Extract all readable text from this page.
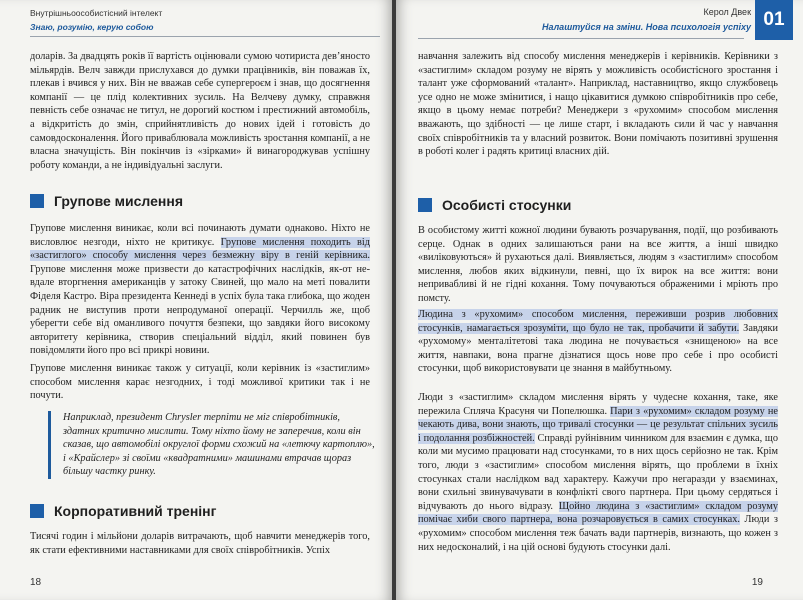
Внутрішньоособистісний інтелект
Знаю, розумію, керую собою

доларів. За двадцять років її вартість оцінювали сумою чотириста дев’яносто мільярдів. Велч завжди прислухався до думки працівників, він поважав їх, плекав і вчився у них. Він не вважав себе супергероєм і знав, що досягнення компанії — це плід колективних зусиль. На Велчеву думку, справжня певність себе означає не титул, не дорогий костюм і престижний автомобіль, а відкритість до змін, сприйнятливість до нових ідей і готовість до самовдосконалення. Його приваблювала можливість зростання компанії, а не власна значущість. Він покінчив із «зірками» й винагороджував успішну роботу команди, а не індивідуальні заслуги.

Групове мислення

Групове мислення виникає, коли всі починають думати однаково. Ніхто не висловлює незгоди, ніхто не критикує. Групове мислення походить від «застиглого» способу мислення через безмежну віру в геній керівника. Групове мислення може призвести до катастрофічних наслідків, як-от невдале вторгнення американців у затоку Свиней, що мало на меті повалити Фіделя Кастро. Віра президента Кеннеді в успіх була така глибока, що жоден радник не виступив проти непродуманої операції. Черчилль же, щоб уберегти себе від оманливого почуття безпеки, що завдяки його високому авторитету керівника, створив спеціальний відділ, який повинен був повідомляти його про всі прикрі новини.

Групове мислення виникає також у ситуації, коли керівник із «застиглим» способом мислення карає незгодних, і тоді можливої критики так і не почути.

Наприклад, президент Chrysler терпіти не міг співробітників, здатних критично мислити. Тому ніхто йому не заперечив, коли він сказав, що автомобілі округлої форми схожий на «летючу картоплю», і «Крайслер» зі своїми «квадратними» машинами втрачав щораз більшу частку ринку.
Корпоративний тренінг

Тисячі годин і мільйони доларів витрачають, щоб навчити менеджерів того, як стати ефективними наставниками для своїх співробітників. Успіх

18
Керол Двек
Налаштуйся на зміни. Нова психологія успіху 01

навчання залежить від способу мислення менеджерів і керівників. Керівники з «застиглим» складом розуму не вірять у можливість особистісного зростання і талант уже сформований «талант». Наприклад, наставництво, якщо службовець усе одно не може змінитися, і нащо цікавитися думкою співробітників про себе, якщо в цьому немає потреби? Менеджери з «рухомим» способом мислення вважають, що здібності — це лише старт, і вкладають сили й час у навчання своїх співробітників та у власний розвиток. Вони помічають позитивні зрушення в роботі колег і радять критиці власних дій.

Особисті стосунки

В особистому житті кожної людини бувають розчарування, події, що розбивають серце. Однак в одних залишаються рани на все життя, а інші швидко «виліковуються» й рухаються далі. Виявляється, людям з «застиглим» способом мислення, любов яких відкинули, певні, що їх вирок на все життя: вони непривабливі й не гідні кохання. Тому почуваються ображеними і мріють про помсту.

Людина з «рухомим» способом мислення, переживши розрив любовних стосунків, намагається зрозуміти, що було не так, пробачити й забути. Завдяки «рухомому» менталітетові така людина не почувається «знищеною» на все життя, навпаки, вона прагне дізнатися щось нове про себе і про особисті стосунки, щоб використовувати це знання в майбутньому.

Люди з «застиглим» складом мислення вірять у чудесне кохання, таке, яке пережила Спляча Красуня чи Попелюшка. Пари з «рухомим» складом розуму не чекають дива, вони знають, що тривалі стосунки — це результат спільних зусиль і подолання розбіжностей. Справді руйнівним чинником для взаємин є думка, що коли ми мусимо працювати над стосунками, то в них щось серйозно не так. Крім того, люди з «застиглим» способом мислення вірять, що проблеми в їхніх стосунках стали наслідком вад характеру. Кажучи про негаразди у взаєминах, вони схильні звинувачувати в конфлікті свого партнера. При цьому сердяться і відчувають до нього відразу. Щойно людина з «застиглим» складом розуму помічає хиби свого партнера, вона розчаровується в самих стосунках. Люди з «рухомим» способом мислення теж бачать вади партнерів, визнають, що кожен з них недосконалий, і на цій основі будують стосунки далі.

19
